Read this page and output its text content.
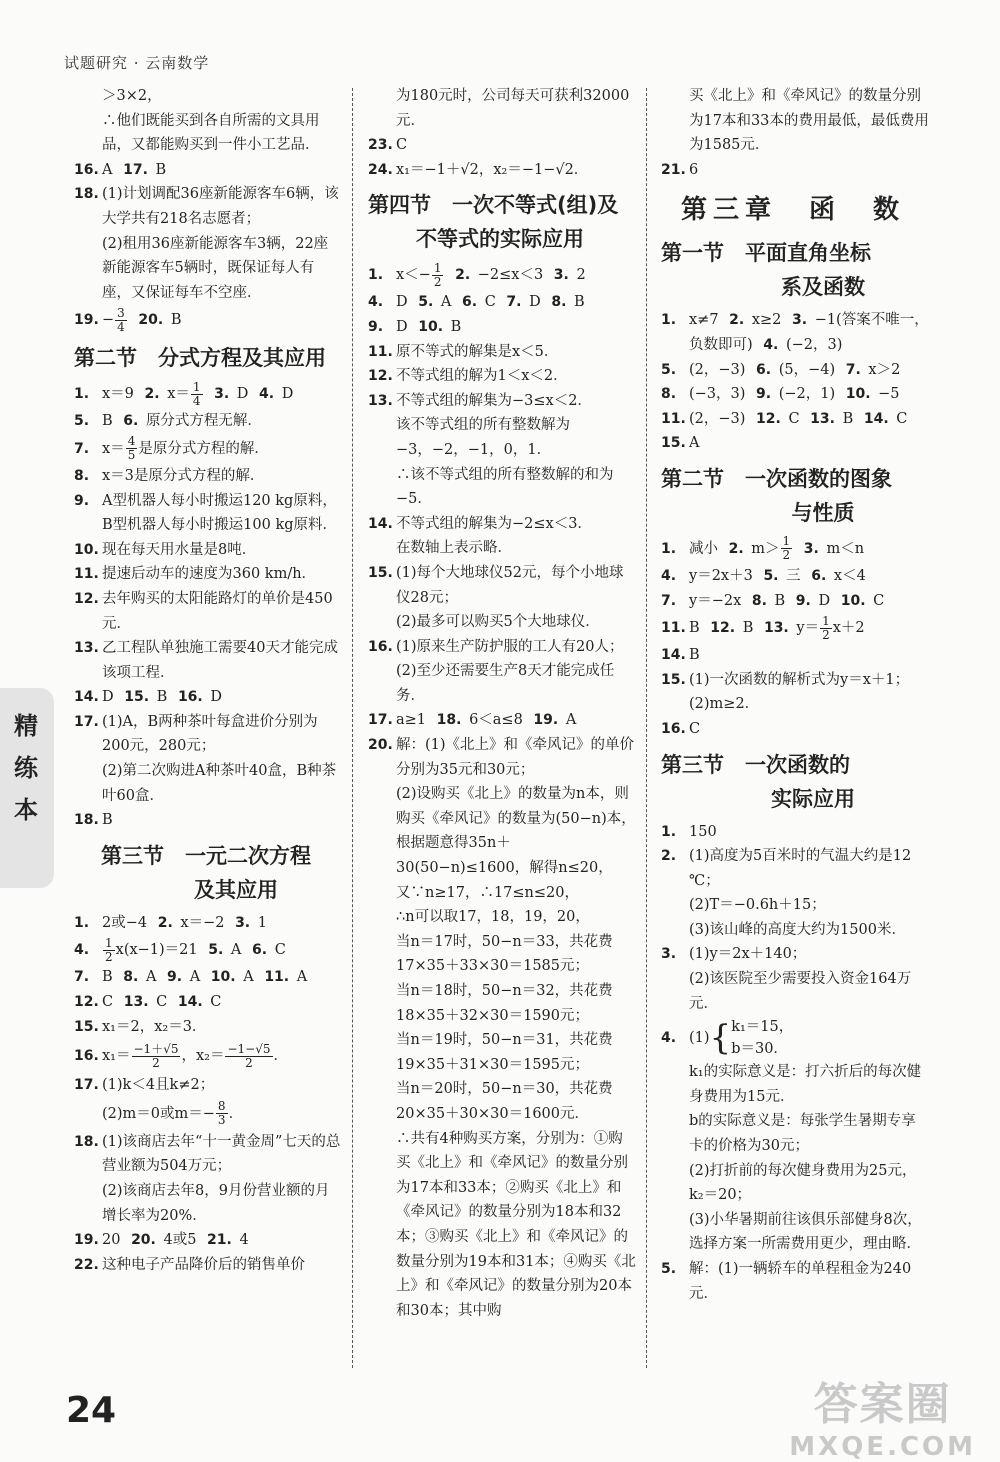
试题研究 · 云南数学
＞3×2，
∴他们既能买到各自所需的文具用品，又都能购买到一件小工艺品．
16. A 17. B
18. (1)计划调配36座新能源客车6辆，该大学共有218名志愿者；
(2)租用36座新能源客车3辆，22座新能源客车5辆时，既保证每人有座，又保证每车不空座．
19. − $\frac{3}{4} 20$. B
第二节　分式方程及其应用
1. x＝9 2. $x= \frac{1}{4} 3$. D 4. D
5. B 6. 原分式方程无解．
7. $x= \frac{4}{5}$ 是原分式方程的解．
8. x＝3是原分式方程的解．
9. A型机器人每小时搬运120 kg原料，B型机器人每小时搬运100 kg原料．
10. 现在每天用水量是8吨．
11. 提速后动车的速度为360 km/h．
12. 去年购买的太阳能路灯的单价是450元．
13. 乙工程队单独施工需要40天才能完成该项工程．
14. D 15. B 16. D
17. (1)A，B两种茶叶每盒进价分别为200元，280元；
(2)第二次购进A种茶叶40盒，B种茶叶60盒．
18. B
第三节　一元二次方程
及其应用
1. 2或−4 2. x＝−2 3. 1
4. $\frac{1}{2} x(x-1)=21$ 5. A 6. C
7. B 8. A 9. A 10. A 11. A
12. C 13. C 14. C
15. x₁＝2，x₂＝3．
16. $x_1= \frac{-1+√5}{2}$ ，$x_2= \frac{-1-√5}{2}$ ．
17. (1)k＜4且k≠2；
(2)m＝0或$m=- \frac{8}{3}$ ．
18. (1)该商店去年“十一黄金周”七天的总营业额为504万元；
(2)该商店去年8，9月份营业额的月增长率为20%．
19. 20 20. 4或5 21. 4
22. 这种电子产品降价后的销售单价
为180元时，公司每天可获利32000元．
23. C
24. x₁＝−1＋√2，x₂＝−1−√2．
第四节　一次不等式(组)及
不等式的实际应用
1. $x<- \frac{1}{2} 2$. −2≤x＜3 3. 2
4. D 5. A 6. C 7. D 8. B
9. D 10. B
11. 原不等式的解集是x＜5．
12. 不等式组的解为1＜x＜2．
13. 不等式组的解集为−3≤x＜2．
该不等式组的所有整数解为−3，−2，−1，0，1．
∴该不等式组的所有整数解的和为−5．
14. 不等式组的解集为−2≤x＜3．
在数轴上表示略．
15. (1)每个大地球仪52元，每个小地球仪28元；
(2)最多可以购买5个大地球仪．
16. (1)原来生产防护服的工人有20人；
(2)至少还需要生产8天才能完成任务．
17. a≥1 18. 6＜a≤8 19. A
20. 解：(1)《北上》和《牵风记》的单价分别为35元和30元；
(2)设购买《北上》的数量为n本，则购买《牵风记》的数量为(50−n)本，
根据题意得35n＋30(50−n)≤1600，解得n≤20，
又∵n≥17，∴17≤n≤20，
∴n可以取17，18，19，20，
当n＝17时，50−n＝33，共花费17×35＋33×30＝1585元；
当n＝18时，50−n＝32，共花费18×35＋32×30＝1590元；
当n＝19时，50−n＝31，共花费19×35＋31×30＝1595元；
当n＝20时，50−n＝30，共花费20×35＋30×30＝1600元．
∴共有4种购买方案，分别为：①购买《北上》和《牵风记》的数量分别为17本和33本；②购买《北上》和《牵风记》的数量分别为18本和32本；③购买《北上》和《牵风记》的数量分别为19本和31本；④购买《北上》和《牵风记》的数量分别为20本和30本；其中购
买《北上》和《牵风记》的数量分别为17本和33本的费用最低，最低费用为1585元．
21. 6
第三章　函　数
第一节　平面直角坐标
系及函数
1. x≠7 2. x≥2 3. −1(答案不唯一，负数即可) 4. (−2，3)
5. (2，−3) 6. (5，−4) 7. x＞2
8. (−3，3) 9. (−2，1) 10. −5
11. (2，−3) 12. C 13. B 14. C
15. A
第二节　一次函数的图象
与性质
1. 减小 2. $m> \frac{1}{2} 3$. m＜n
4. y＝2x＋3 5. 三 6. x＜4
7. y＝−2x 8. B 9. D 10. C
11. B 12. B 13. $y= \frac{1}{2} x+2$
14. B
15. (1)一次函数的解析式为y＝x＋1；
(2)m≥2．
16. C
第三节　一次函数的
实际应用
1. 150
2. (1)高度为5百米时的气温大约是12 ℃；
(2)T＝−0.6h＋15；
(3)该山峰的高度大约为1500米．
3. (1)y＝2x＋140；
(2)该医院至少需要投入资金164万元．
4. (1){ k₁＝15，
b＝30．
k₁的实际意义是：打六折后的每次健身费用为15元．
b的实际意义是：每张学生暑期专享卡的价格为30元；
(2)打折前的每次健身费用为25元，k₂＝20；
(3)小华暑期前往该俱乐部健身8次，选择方案一所需费用更少，理由略．
5. 解：(1)一辆轿车的单程租金为240元．
精
练
本
24	答案圈
MXQE.COM
